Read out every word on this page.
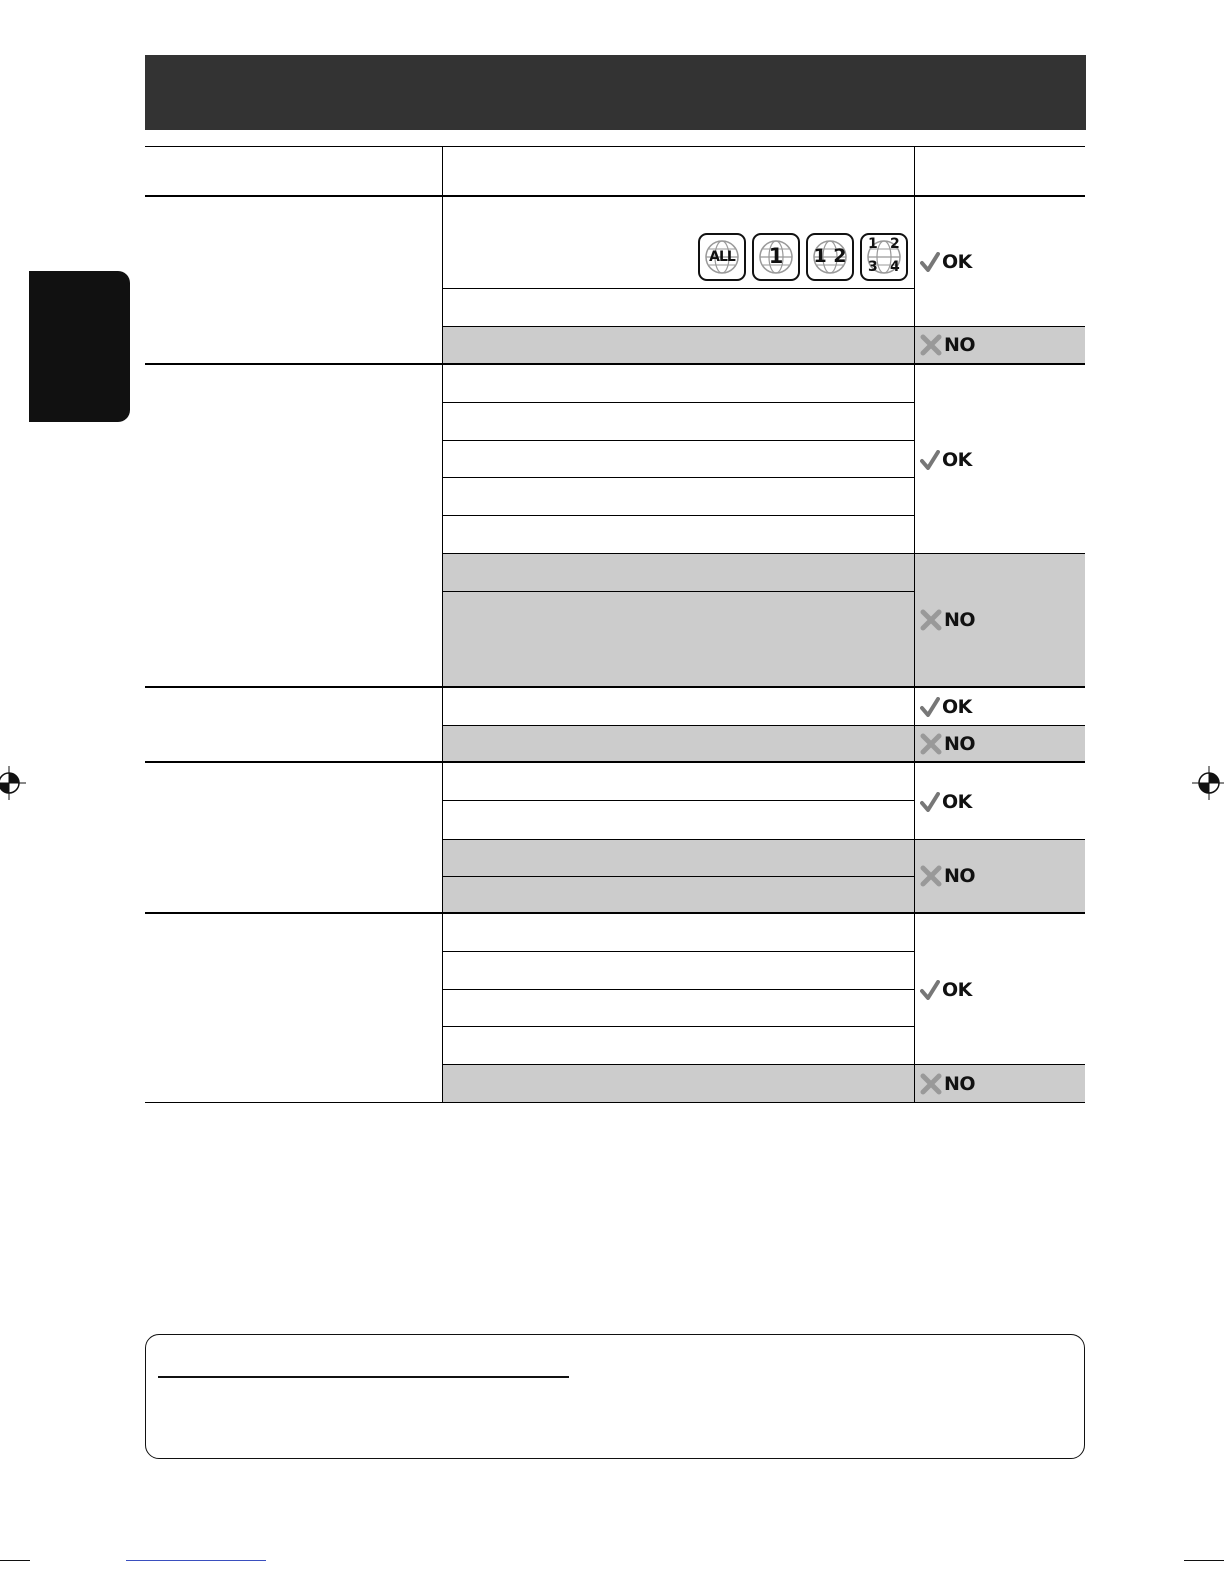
ALL	1	1 2
1 2
3 4 OK
NO
OK
NO
OK
NO
OK
NO
OK
NO
